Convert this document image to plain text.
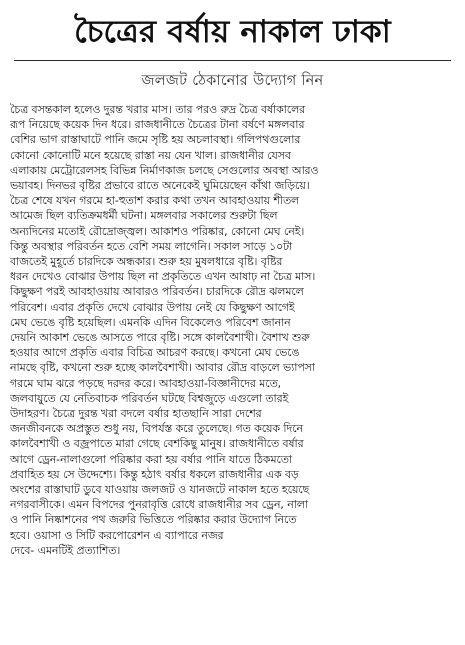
চৈত্রের বর্ষায় নাকাল ঢাকা
জলজট ঠেকানোর উদ্যোগ নিন
চৈত্র বসন্তকাল হলেও দুরন্ত খরার মাস। তার পরও রুদ্র চৈত্র বর্ষাকালের
রূপ নিয়েছে কয়েক দিন ধরে। রাজধানীতে চৈত্রের টানা বর্ষণে মঙ্গলবার
বেশির ভাগ রাস্তাঘাটে পানি জমে সৃষ্টি হয় অচলাবস্থা। গলিপথগুলোর
কোনো কোনোটি মনে হয়েছে রাস্তা নয় যেন খাল। রাজধানীর যেসব
এলাকায় মেট্রোরেলসহ বিভিন্ন নির্মাণকাজ চলছে সেগুলোর অবস্থা আরও
ভয়াবহ। দিনভর বৃষ্টির প্রভাবে রাতে অনেকেই ঘুমিয়েছেন কাঁথা জড়িয়ে।
চৈত্র শেষে যখন গরমে হা-হুতাশ করার কথা তখন আবহাওয়ায় শীতল
আমেজ ছিল ব্যতিক্রমধর্মী ঘটনা। মঙ্গলবার সকালের শুরুটা ছিল
অন্যদিনের মতোই রৌদ্রোজ্জ্বল। আকাশও পরিষ্কার, কোনো মেঘ নেই।
কিন্তু অবস্থার পরিবর্তন হতে বেশি সময় লাগেনি। সকাল সাড়ে ১০টা
বাজতেই মুহূর্তে চারদিকে অন্ধকার। শুরু হয় মুষলধারে বৃষ্টি। বৃষ্টির
ধরন দেখেও বোঝার উপায় ছিল না প্রকৃতিতে এখন আষাঢ় না চৈত্র মাস।
কিছুক্ষণ পরই আবহাওয়ায় আবারও পরিবর্তন। চারদিকে রৌদ্র ঝলমলে
পরিবেশ। এবার প্রকৃতি দেখে বোঝার উপায় নেই যে কিছুক্ষণ আগেই
মেঘ ভেঙে বৃষ্টি হয়েছিল। এমনকি এদিন বিকেলেও পরিবেশ জানান
দেয়নি আকাশ ভেঙে আসতে পারে বৃষ্টি। সঙ্গে কালবৈশাখী। বৈশাখ শুরু
হওয়ার আগে প্রকৃতি এবার বিচিত্র আচরণ করছে। কখনো মেঘ ভেঙে
নামছে বৃষ্টি, কখনো শুরু হচ্ছে কালবৈশাখী। আবার রৌদ্র বাড়লে ভ্যাপসা
গরমে ঘাম ঝরে পড়ছে দরদর করে। আবহাওয়া-বিজ্ঞানীদের মতে,
জলবায়ুতে যে নেতিবাচক পরিবর্তন ঘটছে বিশ্বজুড়ে এগুলো তারই
উদাহরণ। চৈত্রে দুরন্ত খরা বদলে বর্ষার হাতছানি সারা দেশের
জনজীবনকে অপ্রস্তুত শুধু নয়, বিপর্যস্ত করে তুলেছে। গত কয়েক দিনে
কালবৈশাখী ও বজ্রপাতে মারা গেছে বেশকিছু মানুষ। রাজধানীতে বর্ষার
আগে ড্রেন-নালাগুলো পরিষ্কার করা হয় বর্ষার পানি যাতে ঠিকমতো
প্রবাহিত হয় সে উদ্দেশ্যে। কিন্তু হঠাৎ বর্ষার ধকলে রাজধানীর এক বড়
অংশের রাস্তাঘাট ডুবে যাওয়ায় জলজট ও যানজটে নাকাল হতে হয়েছে
নগরবাসীকে। এমন বিপদের পুনরাবৃত্তি রোধে রাজধানীর সব ড্রেন, নালা
ও পানি নিষ্কাশনের পথ জরুরি ভিত্তিতে পরিষ্কার করার উদ্যোগ নিতে
হবে। ওয়াসা ও সিটি করপোরেশন এ ব্যাপারে নজর
দেবে- এমনটিই প্রত্যাশিত।
